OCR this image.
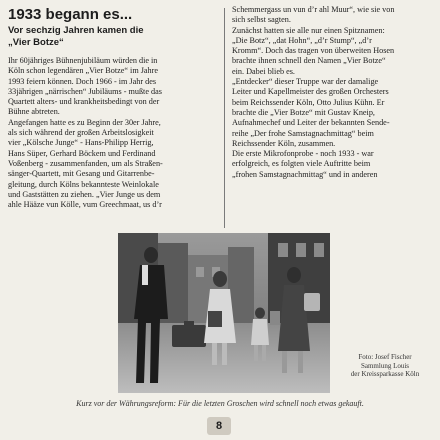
1933 begann es...
Vor sechzig Jahren kamen die
„Vier Botze“

Ihr 60jähriges Bühnenjubiläum würden die in

Köln schon legendären „Vier Botze“ im Jahre

1993 feiern können. Doch 1966 - im Jahr des

33jährigen „närrischen“ Jubiläums - mußte das

Quartett alters- und krankheitsbedingt von der

Bühne abtreten.

Angefangen hatte es zu Beginn der 30er Jahre,

als sich während der großen Arbeitslosigkeit

vier „Kölsche Junge“ - Hans-Philipp Herrig,

Hans Süper, Gerhard Böckem und Ferdinand

Voßenberg - zusammenfanden, um als Straßen-

sänger-Quartett, mit Gesang und Gitarrenbe-

gleitung, durch Kölns bekannteste Weinlokale

und Gaststätten zu ziehen. „Vier Junge us dem

ahle Hääze vun Kölle, vum Greechmaat, us d’r

Schemmergass un vun d’r ahl Muur“, wie sie von

sich selbst sagten.

Zunächst hatten sie alle nur einen Spitznamen:

„Die Botz“, „dat Hohn“, „d’r Stump“, „d’r

Kromm“. Doch das tragen von überweiten Hosen

brachte ihnen schnell den Namen „Vier Botze“

ein. Dabei blieb es.

„Entdecker“ dieser Truppe war der damalige

Leiter und Kapellmeister des großen Orchesters

beim Reichssender Köln, Otto Julius Kühn. Er

brachte die „Vier Botze“ mit Gustav Kneip,

Aufnahmechef und Leiter der bekannten Sende-

reihe „Der frohe Samstagnachmittag“ beim

Reichssender Köln, zusammen.

Die erste Mikrofonprobe - noch 1933 - war

erfolgreich, es folgten viele Auftritte beim

„frohen Samstagnachmittag“ und in anderen

Foto: Josef Fischer

Sammlung Louis

der Kreissparkasse Köln

Kurz vor der Währungsreform: Für die letzten Groschen wird schnell noch etwas gekauft.
8
